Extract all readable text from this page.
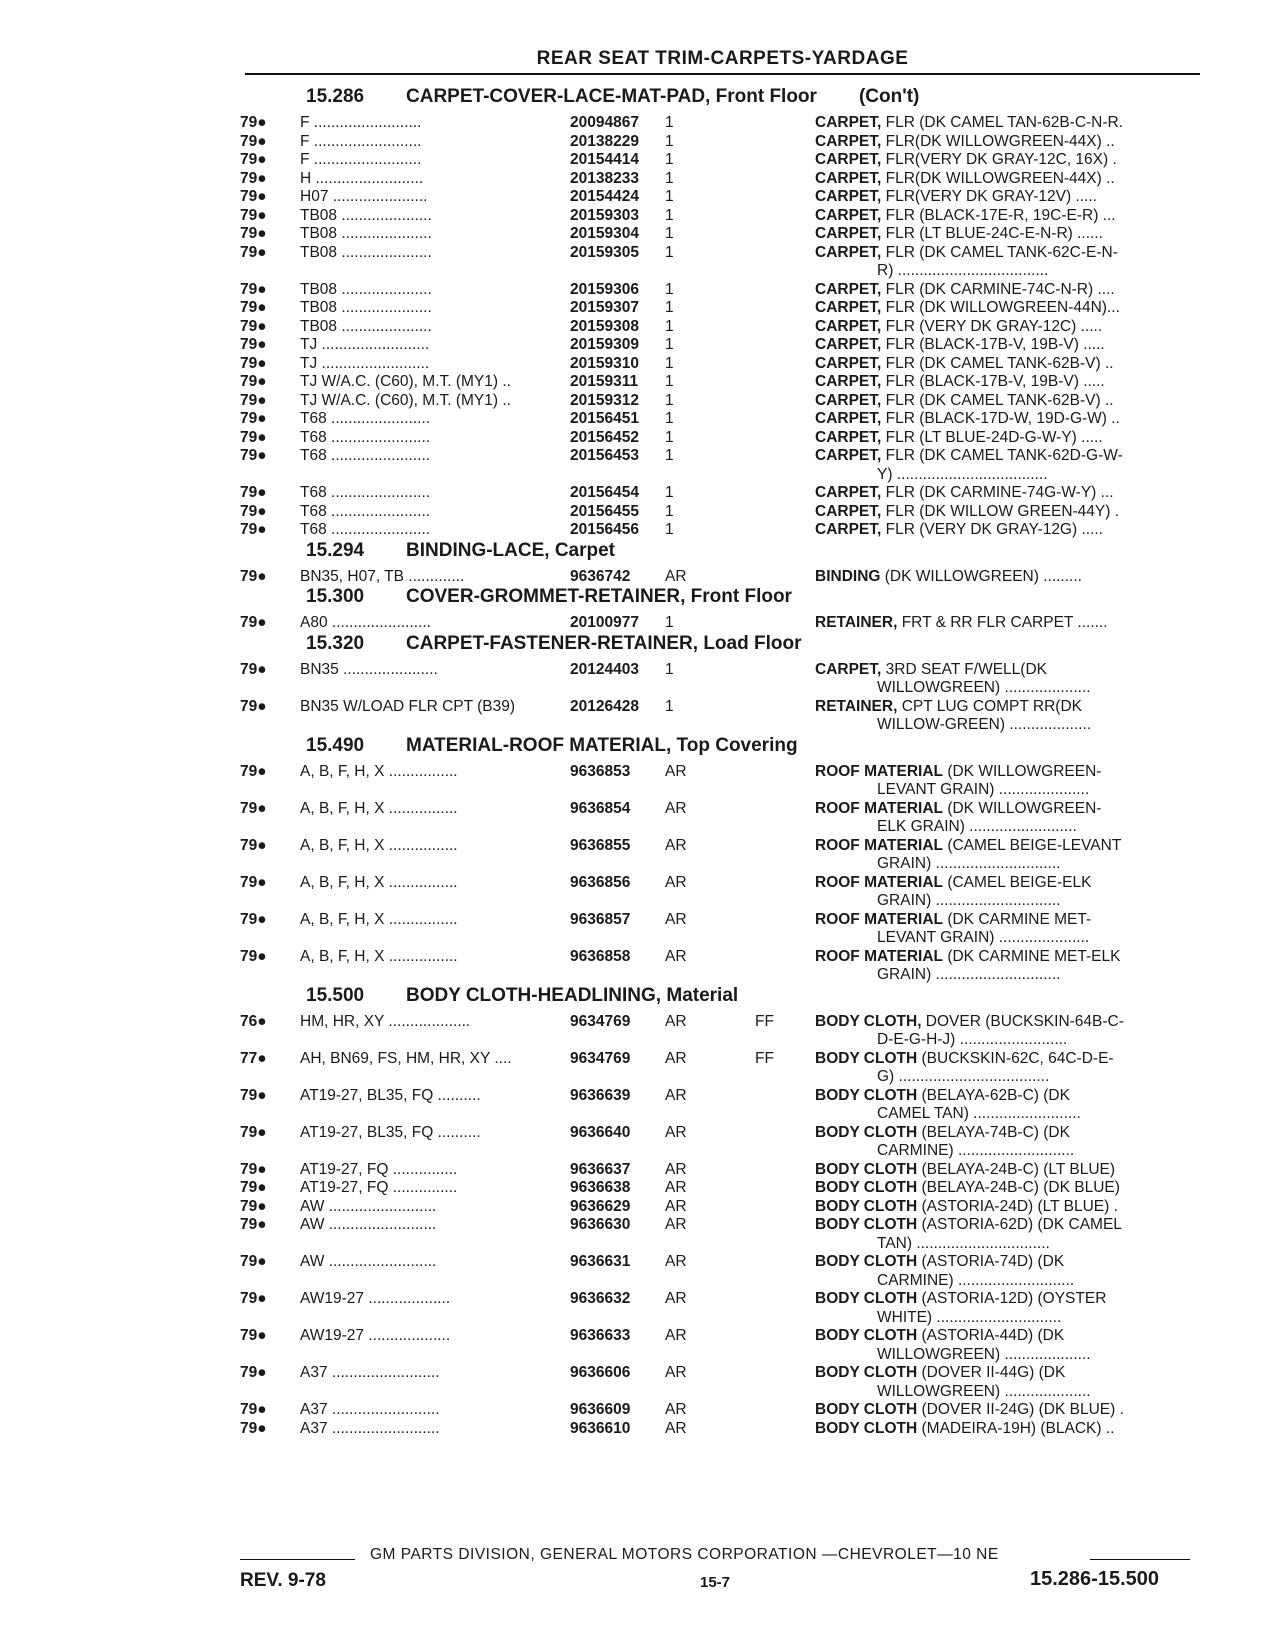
REAR SEAT TRIM-CARPETS-YARDAGE
15.286	CARPET-COVER-LACE-MAT-PAD, Front Floor (Con't)
79●	F .........................	20094867	1	CARPET, FLR (DK CAMEL TAN-62B-C-N-R.
79●	F .........................	20138229	1	CARPET, FLR(DK WILLOWGREEN-44X) ..
79●	F .........................	20154414	1	CARPET, FLR(VERY DK GRAY-12C, 16X) .
79●	H .........................	20138233	1	CARPET, FLR(DK WILLOWGREEN-44X) ..
79●	H07 ......................	20154424	1	CARPET, FLR(VERY DK GRAY-12V) .....
79●	TB08 .....................	20159303	1	CARPET, FLR (BLACK-17E-R, 19C-E-R) ...
79●	TB08 .....................	20159304	1	CARPET, FLR (LT BLUE-24C-E-N-R) ......
79●	TB08 .....................	20159305	1	CARPET, FLR (DK CAMEL TANK-62C-E-N-
R) ...................................
79●	TB08 .....................	20159306	1	CARPET, FLR (DK CARMINE-74C-N-R) ....
79●	TB08 .....................	20159307	1	CARPET, FLR (DK WILLOWGREEN-44N)...
79●	TB08 .....................	20159308	1	CARPET, FLR (VERY DK GRAY-12C) .....
79●	TJ .........................	20159309	1	CARPET, FLR (BLACK-17B-V, 19B-V) .....
79●	TJ .........................	20159310	1	CARPET, FLR (DK CAMEL TANK-62B-V) ..
79●	TJ W/A.C. (C60), M.T. (MY1) ..	20159311	1	CARPET, FLR (BLACK-17B-V, 19B-V) .....
79●	TJ W/A.C. (C60), M.T. (MY1) ..	20159312	1	CARPET, FLR (DK CAMEL TANK-62B-V) ..
79●	T68 .......................	20156451	1	CARPET, FLR (BLACK-17D-W, 19D-G-W) ..
79●	T68 .......................	20156452	1	CARPET, FLR (LT BLUE-24D-G-W-Y) .....
79●	T68 .......................	20156453	1	CARPET, FLR (DK CAMEL TANK-62D-G-W-
Y) ...................................
79●	T68 .......................	20156454	1	CARPET, FLR (DK CARMINE-74G-W-Y) ...
79●	T68 .......................	20156455	1	CARPET, FLR (DK WILLOW GREEN-44Y) .
79●	T68 .......................	20156456	1	CARPET, FLR (VERY DK GRAY-12G) .....
15.294	BINDING-LACE, Carpet
79●	BN35, H07, TB .............	9636742	AR	BINDING (DK WILLOWGREEN) .........
15.300	COVER-GROMMET-RETAINER, Front Floor
79●	A80 .......................	20100977	1	RETAINER, FRT & RR FLR CARPET .......
15.320	CARPET-FASTENER-RETAINER, Load Floor
79●	BN35 ......................	20124403	1	CARPET, 3RD SEAT F/WELL(DK
WILLOWGREEN) ....................
79●	BN35 W/LOAD FLR CPT (B39)	20126428	1	RETAINER, CPT LUG COMPT RR(DK
WILLOW-GREEN) ...................
15.490	MATERIAL-ROOF MATERIAL, Top Covering
79●	A, B, F, H, X ................	9636853	AR	ROOF MATERIAL (DK WILLOWGREEN-
LEVANT GRAIN) .....................
79●	A, B, F, H, X ................	9636854	AR	ROOF MATERIAL (DK WILLOWGREEN-
ELK GRAIN) .........................
79●	A, B, F, H, X ................	9636855	AR	ROOF MATERIAL (CAMEL BEIGE-LEVANT
GRAIN) .............................
79●	A, B, F, H, X ................	9636856	AR	ROOF MATERIAL (CAMEL BEIGE-ELK
GRAIN) .............................
79●	A, B, F, H, X ................	9636857	AR	ROOF MATERIAL (DK CARMINE MET-
LEVANT GRAIN) .....................
79●	A, B, F, H, X ................	9636858	AR	ROOF MATERIAL (DK CARMINE MET-ELK
GRAIN) .............................
15.500	BODY CLOTH-HEADLINING, Material
76●	HM, HR, XY ...................	9634769	AR	FF	BODY CLOTH, DOVER (BUCKSKIN-64B-C-
D-E-G-H-J) .........................
77●	AH, BN69, FS, HM, HR, XY ....	9634769	AR	FF	BODY CLOTH (BUCKSKIN-62C, 64C-D-E-
G) ...................................
79●	AT19-27, BL35, FQ ..........	9636639	AR	BODY CLOTH (BELAYA-62B-C) (DK
CAMEL TAN) .........................
79●	AT19-27, BL35, FQ ..........	9636640	AR	BODY CLOTH (BELAYA-74B-C) (DK
CARMINE) ...........................
79●	AT19-27, FQ ...............	9636637	AR	BODY CLOTH (BELAYA-24B-C) (LT BLUE)
79●	AT19-27, FQ ...............	9636638	AR	BODY CLOTH (BELAYA-24B-C) (DK BLUE)
79●	AW .........................	9636629	AR	BODY CLOTH (ASTORIA-24D) (LT BLUE) .
79●	AW .........................	9636630	AR	BODY CLOTH (ASTORIA-62D) (DK CAMEL
TAN) ...............................
79●	AW .........................	9636631	AR	BODY CLOTH (ASTORIA-74D) (DK
CARMINE) ...........................
79●	AW19-27 ...................	9636632	AR	BODY CLOTH (ASTORIA-12D) (OYSTER
WHITE) .............................
79●	AW19-27 ...................	9636633	AR	BODY CLOTH (ASTORIA-44D) (DK
WILLOWGREEN) ....................
79●	A37 .........................	9636606	AR	BODY CLOTH (DOVER II-44G) (DK
WILLOWGREEN) ....................
79●	A37 .........................	9636609	AR	BODY CLOTH (DOVER II-24G) (DK BLUE) .
79●	A37 .........................	9636610	AR	BODY CLOTH (MADEIRA-19H) (BLACK) ..
GM PARTS DIVISION, GENERAL MOTORS CORPORATION —CHEVROLET—10 NE
REV. 9-78	15-7	15.286-15.500
